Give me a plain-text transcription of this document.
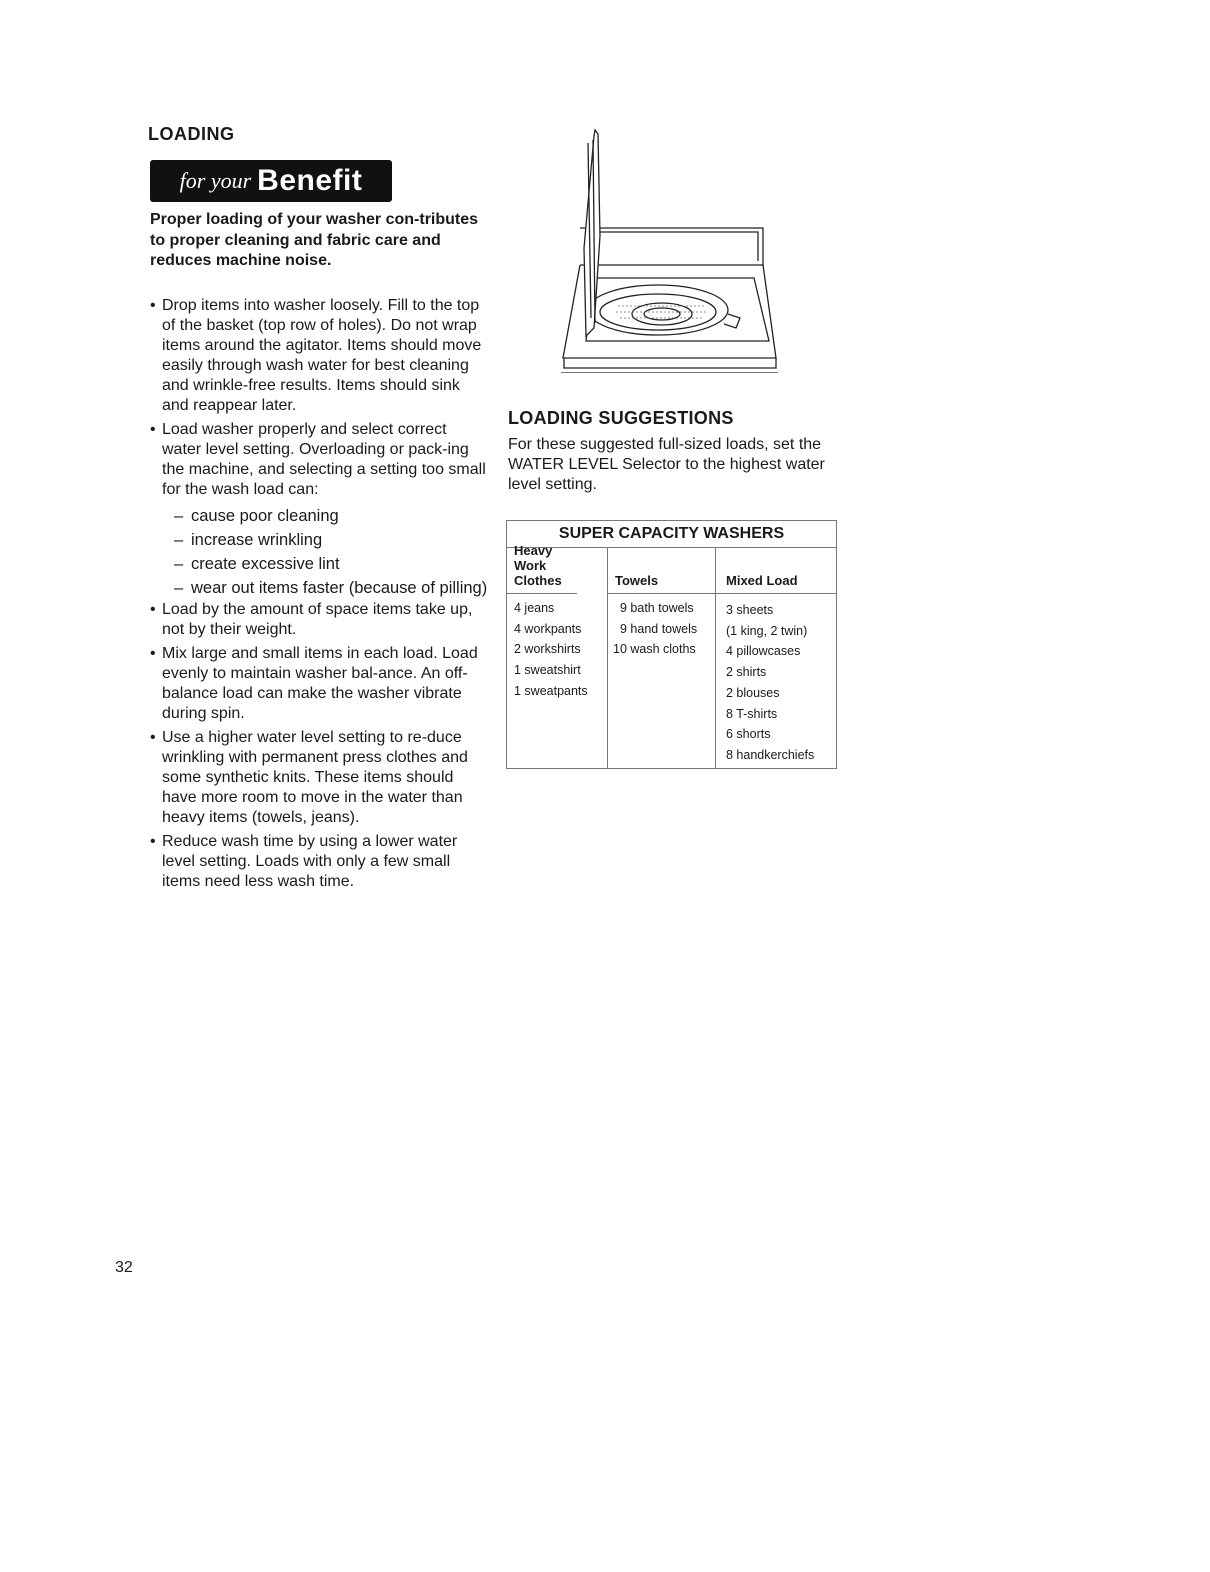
LOADING
for your Benefit
Proper loading of your washer con-tributes to proper cleaning and fabric care and reduces machine noise.
• Drop items into washer loosely. Fill to the top of the basket (top row of holes). Do not wrap items around the agitator. Items should move easily through wash water for best cleaning and wrinkle-free results. Items should sink and reappear later.
• Load washer properly and select correct water level setting. Overloading or pack-ing the machine, and selecting a setting too small for the wash load can:
– cause poor cleaning
– increase wrinkling
– create excessive lint
– wear out items faster (because of pilling)
• Load by the amount of space items take up, not by their weight.
• Mix large and small items in each load. Load evenly to maintain washer bal-ance. An off-balance load can make the washer vibrate during spin.
• Use a higher water level setting to re-duce wrinkling with permanent press clothes and some synthetic knits. These items should have more room to move in the water than heavy items (towels, jeans).
• Reduce wash time by using a lower water level setting. Loads with only a few small items need less wash time.
LOADING SUGGESTIONS
For these suggested full-sized loads, set the WATER LEVEL Selector to the highest water level setting.
SUPER CAPACITY WASHERS
Heavy Work Clothes
4 jeans
4 workpants
2 workshirts
1 sweatshirt
1 sweatpants
Towels
9 bath towels
9 hand towels
10 wash cloths
Mixed Load
3 sheets
(1 king, 2 twin)
4 pillowcases
2 shirts
2 blouses
8 T-shirts
6 shorts
8 handkerchiefs
32
